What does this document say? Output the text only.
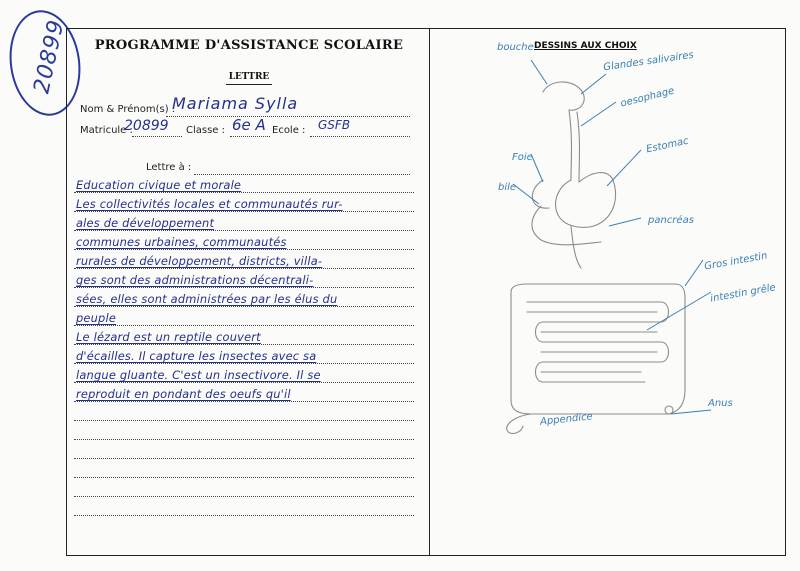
20899	PROGRAMME D'ASSISTANCE SCOLAIRE
LETTRE
Nom & Prénom(s) :
Mariama Sylla
Matricule :
20899 Classe : 6e A Ecole : GSFB
Lettre à :
Education civique et morale
Les collectivités locales et communautés rur-
ales de développement
communes urbaines, communautés
rurales de développement, districts, villa-
ges sont des administrations décentrali-
sées, elles sont administrées par les élus du
peuple
Le lézard est un reptile couvert
d'écailles. Il capture les insectes avec sa
langue gluante. C'est un insectivore. Il se
reproduit en pondant des oeufs qu'il
DESSINS AUX CHOIX
bouche
Glandes salivaires
oesophage
Estomac
Foie
bile
pancréas
Gros intestin
intestin grêle
Appendice
Anus
